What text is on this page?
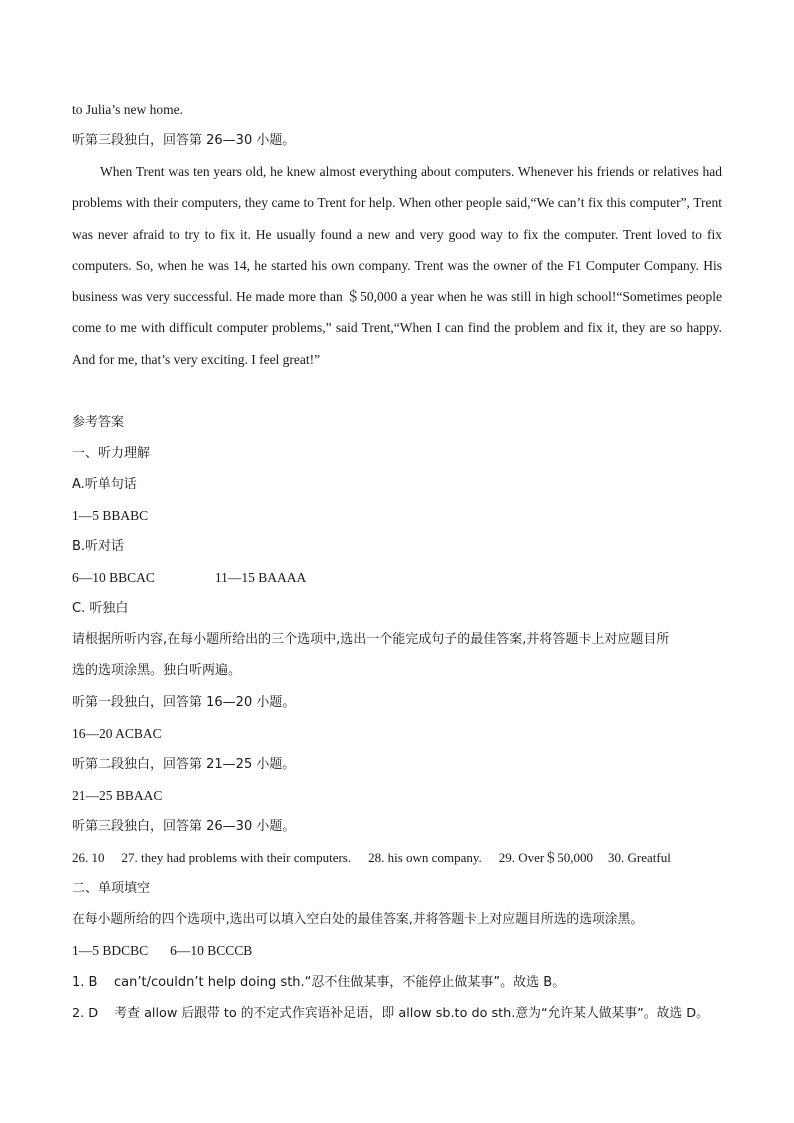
to Julia’s new home.
听第三段独白，回答第 26—30 小题。

When Trent was ten years old, he knew almost everything about computers. Whenever his friends or relatives had problems with their computers, they came to Trent for help. When other people said,“We can’t fix this computer”, Trent was never afraid to try to fix it. He usually found a new and very good way to fix the computer. Trent loved to fix computers. So, when he was 14, he started his own company. Trent was the owner of the F1 Computer Company. His business was very successful. He made more than ＄50,000 a year when he was still in high school!“Sometimes people come to me with difficult computer problems,” said Trent,“When I can find the problem and fix it, they are so happy. And for me, that’s very exciting. I feel great!”

参考答案
一、听力理解
A.听单句话
1—5 BBABC
B.听对话
6—10 BBCAC	11—15 BAAAA
C. 听独白
请根据所听内容,在每小题所给出的三个选项中,选出一个能完成句子的最佳答案,并将答题卡上对应题目所
选的选项涂黑。独白听两遍。
听第一段独白，回答第 16—20 小题。
16—20 ACBAC
听第二段独白，回答第 21—25 小题。
21—25 BBAAC
听第三段独白，回答第 26—30 小题。
26. 10 27. they had problems with their computers. 28. his own company. 29. Over＄50,000 30. Greatful
二、单项填空
在每小题所给的四个选项中,选出可以填入空白处的最佳答案,并将答题卡上对应题目所选的选项涂黑。
1—5 BDCBC 6—10 BCCCB
1. B    can’t/couldn’t help doing sth.“忍不住做某事，不能停止做某事”。故选 B。
2. D    考查 allow 后跟带 to 的不定式作宾语补足语，即 allow sb.to do sth.意为“允许某人做某事”。故选 D。
